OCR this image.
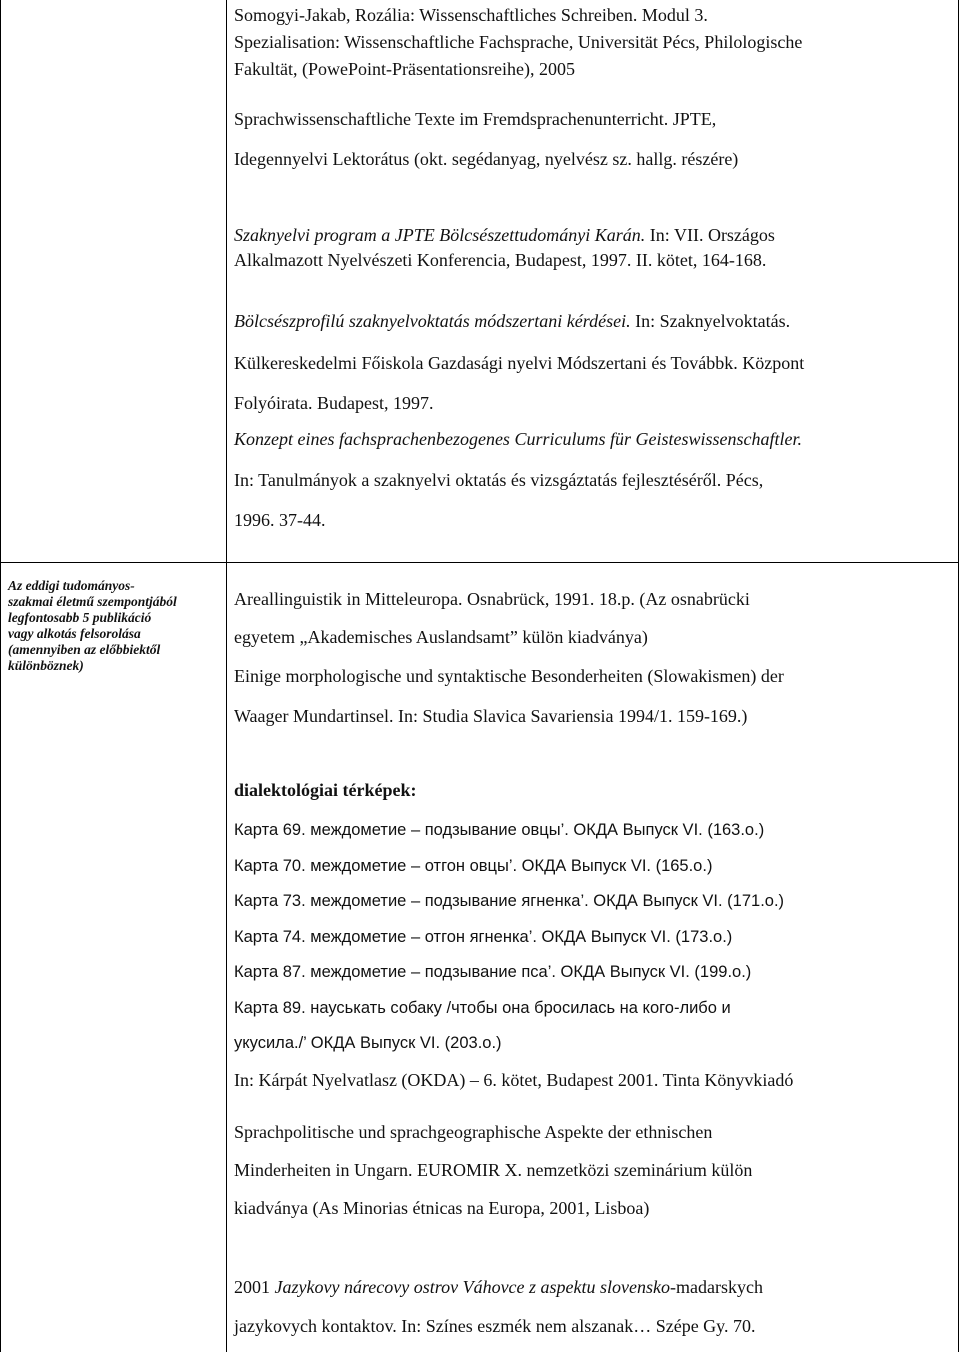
Somogyi-Jakab, Rozália: Wissenschaftliches Schreiben. Modul 3.
Spezialisation: Wissenschaftliche Fachsprache, Universität Pécs, Philologische
Fakultät, (PowePoint-Präsentationsreihe), 2005
Sprachwissenschaftliche Texte im Fremdsprachenunterricht. JPTE,
Idegennyelvi Lektorátus (okt. segédanyag, nyelvész sz. hallg. részére)
Szaknyelvi program a JPTE Bölcsészettudományi Karán. In: VII. Országos
Alkalmazott Nyelvészeti Konferencia, Budapest, 1997. II. kötet, 164-168.
Bölcsészprofilú szaknyelvoktatás módszertani kérdései. In: Szaknyelvoktatás.
Külkereskedelmi Főiskola Gazdasági nyelvi Módszertani és Továbbk. Központ
Folyóirata. Budapest, 1997.
Konzept eines fachsprachenbezogenes Curriculums für Geisteswissenschaftler.
In: Tanulmányok a szaknyelvi oktatás és vizsgáztatás fejlesztéséről. Pécs,
1996. 37-44.
Az eddigi tudományos-
szakmai életmű szempontjából
legfontosabb 5 publikáció
vagy alkotás felsorolása
(amennyiben az előbbiektől
különböznek)
Areallinguistik in Mitteleuropa. Osnabrück, 1991. 18.p. (Az osnabrücki
egyetem „Akademisches Auslandsamt” külön kiadványa)
Einige morphologische und syntaktische Besonderheiten (Slowakismen) der
Waager Mundartinsel. In: Studia Slavica Savariensia 1994/1. 159-169.)
dialektológiai térképek:
Карта 69. междометие – подзывание овцы’. ОКДА Выпуск VI. (163.о.)
Карта 70. междометие – отгон овцы’. ОКДА Выпуск VI. (165.о.)
Карта 73. междометие – подзывание ягненка’. ОКДА Выпуск VI. (171.о.)
Карта 74. междометие – отгон ягненка’. ОКДА Выпуск VI. (173.о.)
Карта 87. междометие – подзывание пса’. ОКДА Выпуск VI. (199.о.)
Карта 89. науськать собаку /чтобы она бросилась на кого-либо и
укусила./’ ОКДА Выпуск VI. (203.о.)
In: Kárpát Nyelvatlasz (OKDA) – 6. kötet, Budapest 2001. Tinta Könyvkiadó
Sprachpolitische und sprachgeographische Aspekte der ethnischen
Minderheiten in Ungarn. EUROMIR X. nemzetközi szeminárium külön
kiadványa (As Minorias étnicas na Europa, 2001, Lisboa)
2001 Jazykovy nárecovy ostrov Váhovce z aspektu slovensko-madarskych
jazykovych kontaktov. In: Színes eszmék nem alszanak… Szépe Gy. 70.
